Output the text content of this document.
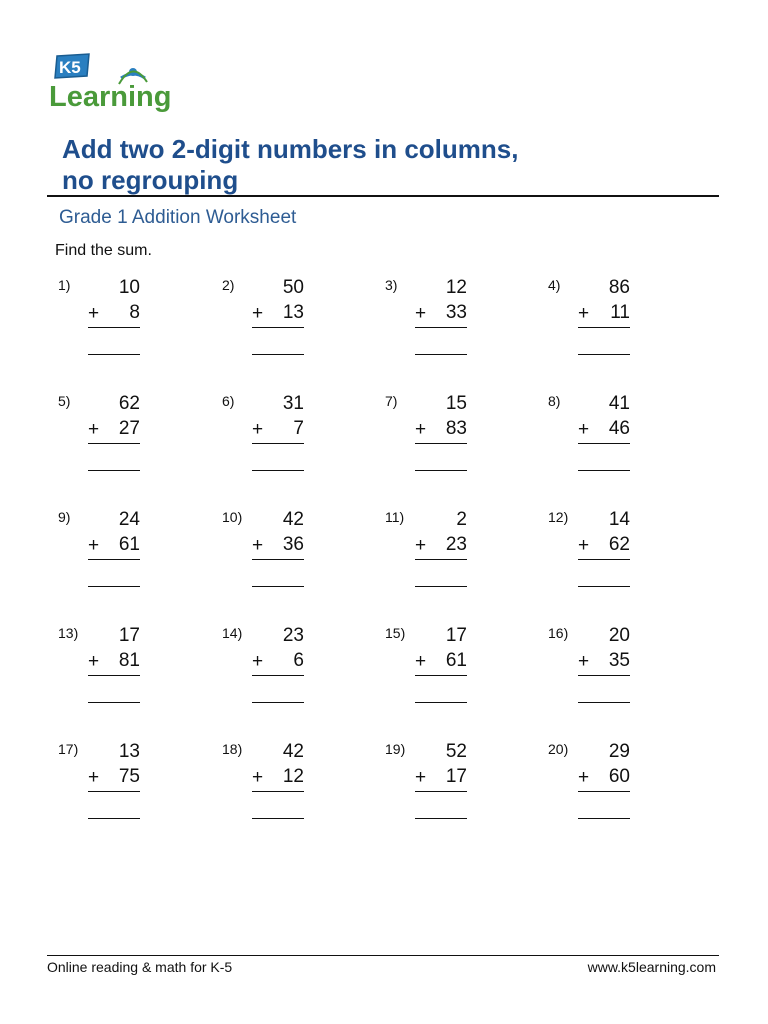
K5
Learning
Add two 2-digit numbers in columns,
no regrouping
Grade 1 Addition Worksheet
Find the sum.
1)	10
+ 8
2)	50
+ 13
3)	12
+ 33
4)	86
+ 11
5)	62
+ 27
6)	31
+ 7
7)	15
+ 83
8)	41
+ 46
9)	24
+ 61
10) 42
+ 36
11)	2
+ 23
12) 14
+ 62
13) 17
+ 81
14) 23
+ 6
15) 17
+ 61
16) 20
+ 35
17) 13
+ 75
18) 42
+ 12
19) 52
+ 17
20) 29
+ 60
Online reading & math for K-5	www.k5learning.com
